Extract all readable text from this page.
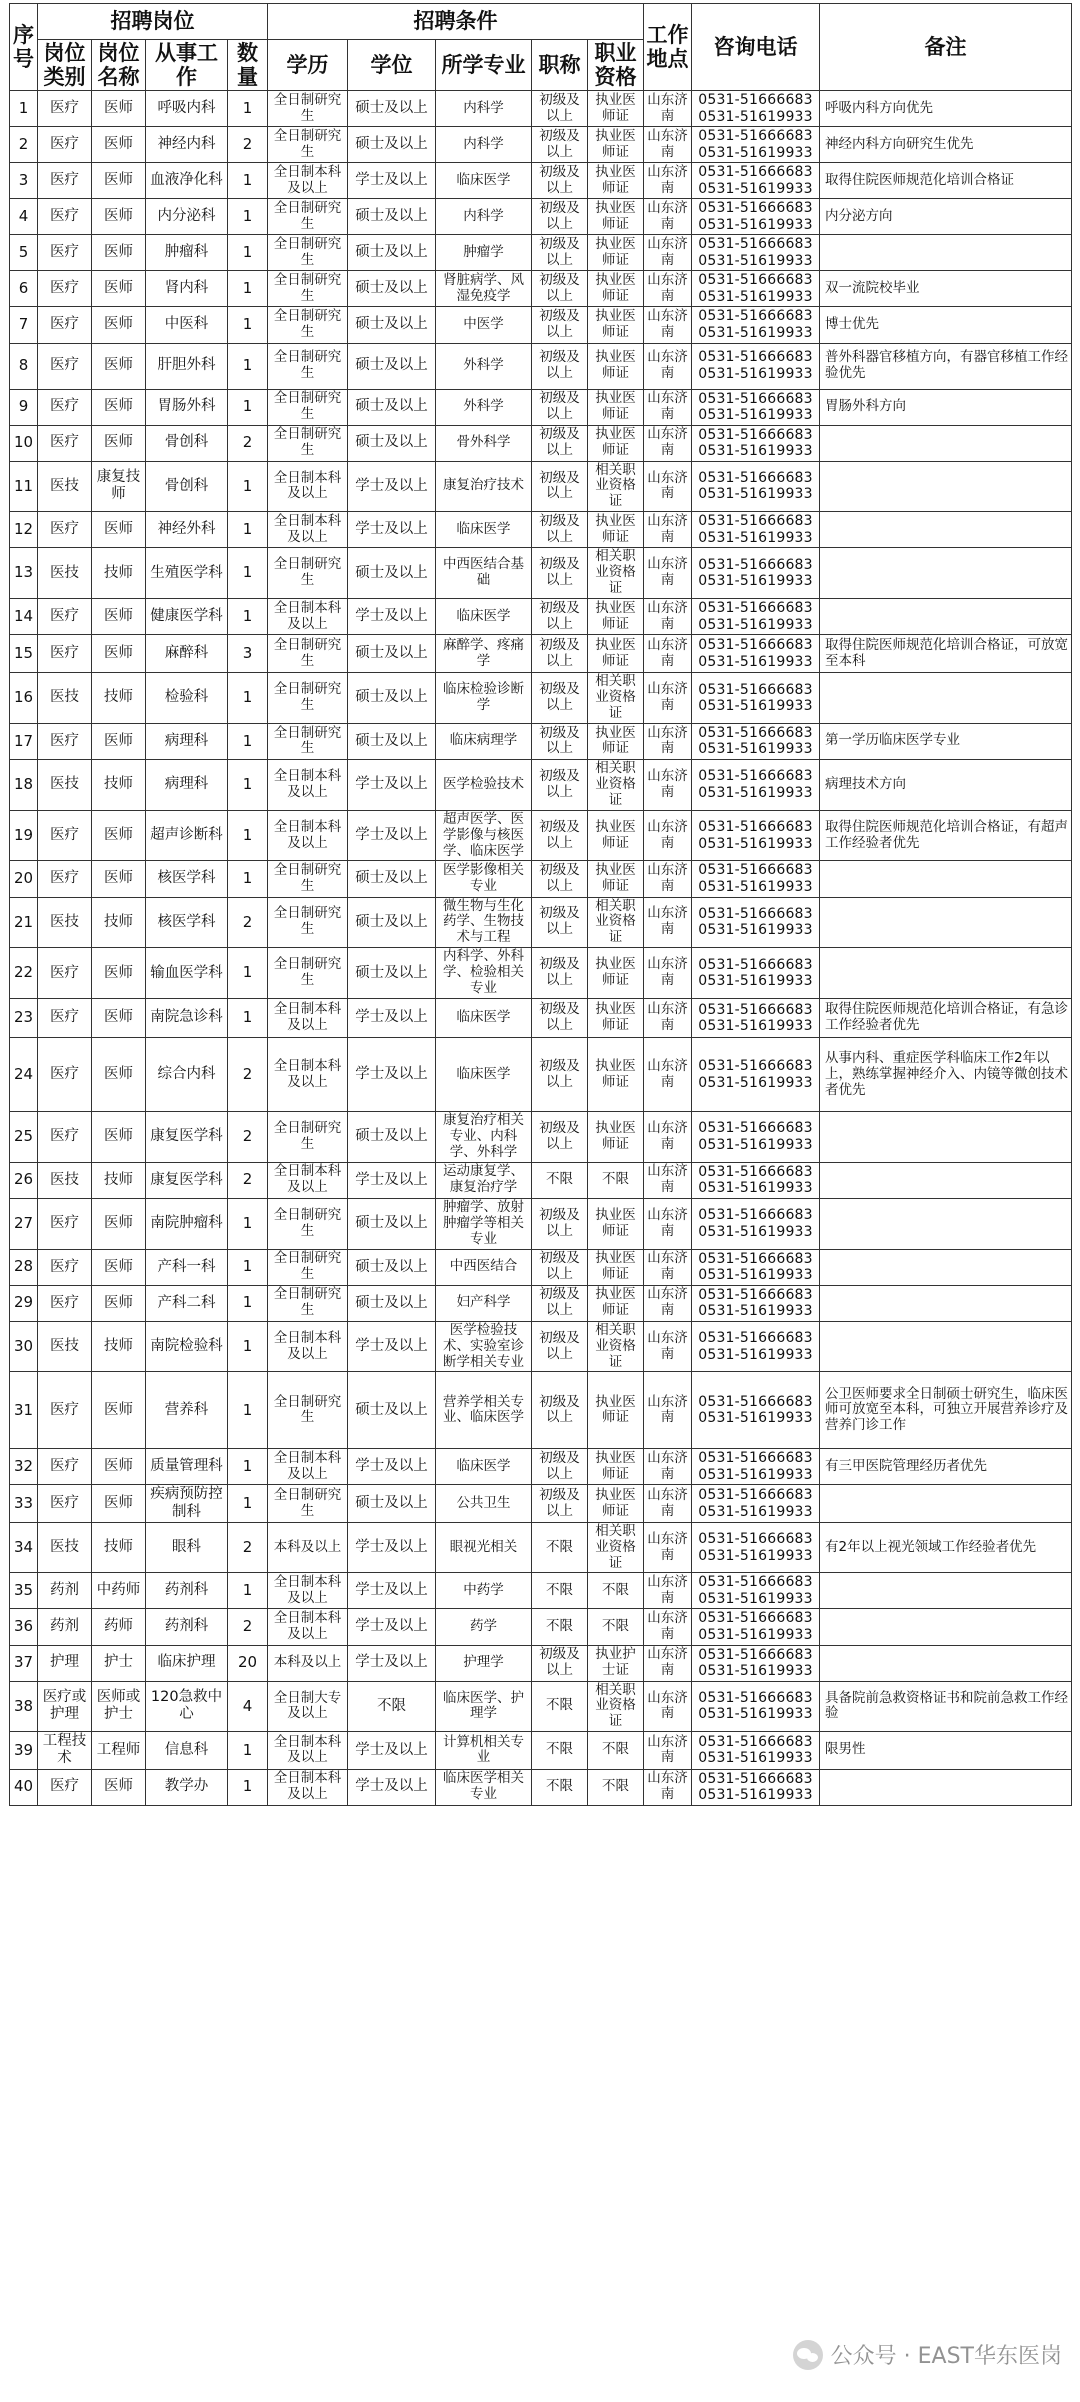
序号	招聘岗位				招聘条件					工作地点	咨询电话	备注
	岗位类别	岗位名称	从事工作	数量	学历	学位	所学专业	职称	职业资格			
1	医疗	医师	呼吸内科	1	全日制研究生	硕士及以上	内科学	初级及以上	执业医师证	山东济南	0531-51666683
0531-51619933	呼吸内科方向优先
2	医疗	医师	神经内科	2	全日制研究生	硕士及以上	内科学	初级及以上	执业医师证	山东济南	0531-51666683
0531-51619933	神经内科方向研究生优先
3	医疗	医师	血液净化科	1	全日制本科及以上	学士及以上	临床医学	初级及以上	执业医师证	山东济南	0531-51666683
0531-51619933	取得住院医师规范化培训合格证
4	医疗	医师	内分泌科	1	全日制研究生	硕士及以上	内科学	初级及以上	执业医师证	山东济南	0531-51666683
0531-51619933	内分泌方向
5	医疗	医师	肿瘤科	1	全日制研究生	硕士及以上	肿瘤学	初级及以上	执业医师证	山东济南	0531-51666683
0531-51619933	

6	医疗	医师	肾内科	1	全日制研究生	硕士及以上	肾脏病学、风湿免疫学	初级及以上	执业医师证	山东济南	0531-51666683
0531-51619933	双一流院校毕业
7	医疗	医师	中医科	1	全日制研究生	硕士及以上	中医学	初级及以上	执业医师证	山东济南	0531-51666683
0531-51619933	博士优先
8	医疗	医师	肝胆外科	1	全日制研究生	硕士及以上	外科学	初级及以上	执业医师证	山东济南	0531-51666683
0531-51619933	普外科器官移植方向，有器官移植工作经验优先
9	医疗	医师	胃肠外科	1	全日制研究生	硕士及以上	外科学	初级及以上	执业医师证	山东济南	0531-51666683
0531-51619933	胃肠外科方向
10	医疗	医师	骨创科	2	全日制研究生	硕士及以上	骨外科学	初级及以上	执业医师证	山东济南	0531-51666683
0531-51619933	

11	医技	康复技师	骨创科	1	全日制本科及以上	学士及以上	康复治疗技术	初级及以上	相关职业资格证	山东济南	0531-51666683
0531-51619933	

12	医疗	医师	神经外科	1	全日制本科及以上	学士及以上	临床医学	初级及以上	执业医师证	山东济南	0531-51666683
0531-51619933	

13	医技	技师	生殖医学科	1	全日制研究生	硕士及以上	中西医结合基础	初级及以上	相关职业资格证	山东济南	0531-51666683
0531-51619933	

14	医疗	医师	健康医学科	1	全日制本科及以上	学士及以上	临床医学	初级及以上	执业医师证	山东济南	0531-51666683
0531-51619933	

15	医疗	医师	麻醉科	3	全日制研究生	硕士及以上	麻醉学、疼痛学	初级及以上	执业医师证	山东济南	0531-51666683
0531-51619933	取得住院医师规范化培训合格证，可放宽至本科
16	医技	技师	检验科	1	全日制研究生	硕士及以上	临床检验诊断学	初级及以上	相关职业资格证	山东济南	0531-51666683
0531-51619933	

17	医疗	医师	病理科	1	全日制研究生	硕士及以上	临床病理学	初级及以上	执业医师证	山东济南	0531-51666683
0531-51619933	第一学历临床医学专业
18	医技	技师	病理科	1	全日制本科及以上	学士及以上	医学检验技术	初级及以上	相关职业资格证	山东济南	0531-51666683
0531-51619933	病理技术方向
19	医疗	医师	超声诊断科	1	全日制本科及以上	学士及以上	超声医学、医学影像与核医学、临床医学	初级及以上	执业医师证	山东济南	0531-51666683
0531-51619933	取得住院医师规范化培训合格证，有超声工作经验者优先
20	医疗	医师	核医学科	1	全日制研究生	硕士及以上	医学影像相关专业	初级及以上	执业医师证	山东济南	0531-51666683
0531-51619933	

21	医技	技师	核医学科	2	全日制研究生	硕士及以上	微生物与生化药学、生物技术与工程	初级及以上	相关职业资格证	山东济南	0531-51666683
0531-51619933	

22	医疗	医师	输血医学科	1	全日制研究生	硕士及以上	内科学、外科学、检验相关专业	初级及以上	执业医师证	山东济南	0531-51666683
0531-51619933	

23	医疗	医师	南院急诊科	1	全日制本科及以上	学士及以上	临床医学	初级及以上	执业医师证	山东济南	0531-51666683
0531-51619933	取得住院医师规范化培训合格证，有急诊工作经验者优先
24	医疗	医师	综合内科	2	全日制本科及以上	学士及以上	临床医学	初级及以上	执业医师证	山东济南	0531-51666683
0531-51619933	从事内科、重症医学科临床工作2年以上，熟练掌握神经介入、内镜等微创技术者优先
25	医疗	医师	康复医学科	2	全日制研究生	硕士及以上	康复治疗相关专业、内科学、外科学	初级及以上	执业医师证	山东济南	0531-51666683
0531-51619933	

26	医技	技师	康复医学科	2	全日制本科及以上	学士及以上	运动康复学、康复治疗学	不限	不限	山东济南	0531-51666683
0531-51619933	

27	医疗	医师	南院肿瘤科	1	全日制研究生	硕士及以上	肿瘤学、放射肿瘤学等相关专业	初级及以上	执业医师证	山东济南	0531-51666683
0531-51619933	

28	医疗	医师	产科一科	1	全日制研究生	硕士及以上	中西医结合	初级及以上	执业医师证	山东济南	0531-51666683
0531-51619933	

29	医疗	医师	产科二科	1	全日制研究生	硕士及以上	妇产科学	初级及以上	执业医师证	山东济南	0531-51666683
0531-51619933	

30	医技	技师	南院检验科	1	全日制本科及以上	学士及以上	医学检验技术、实验室诊断学相关专业	初级及以上	相关职业资格证	山东济南	0531-51666683
0531-51619933	

31	医疗	医师	营养科	1	全日制研究生	硕士及以上	营养学相关专业、临床医学	初级及以上	执业医师证	山东济南	0531-51666683
0531-51619933	公卫医师要求全日制硕士研究生，临床医师可放宽至本科，可独立开展营养诊疗及营养门诊工作
32	医疗	医师	质量管理科	1	全日制本科及以上	学士及以上	临床医学	初级及以上	执业医师证	山东济南	0531-51666683
0531-51619933	有三甲医院管理经历者优先
33	医疗	医师	疾病预防控制科	1	全日制研究生	硕士及以上	公共卫生	初级及以上	执业医师证	山东济南	0531-51666683
0531-51619933	

34	医技	技师	眼科	2	本科及以上	学士及以上	眼视光相关	不限	相关职业资格证	山东济南	0531-51666683
0531-51619933	有2年以上视光领域工作经验者优先
35	药剂	中药师	药剂科	1	全日制本科及以上	学士及以上	中药学	不限	不限	山东济南	0531-51666683
0531-51619933	

36	药剂	药师	药剂科	2	全日制本科及以上	学士及以上	药学	不限	不限	山东济南	0531-51666683
0531-51619933	

37	护理	护士	临床护理	20	本科及以上	学士及以上	护理学	初级及以上	执业护士证	山东济南	0531-51666683
0531-51619933	

38	医疗或护理	医师或护士	120急救中心	4	全日制大专及以上	不限	临床医学、护理学	不限	相关职业资格证	山东济南	0531-51666683
0531-51619933	具备院前急救资格证书和院前急救工作经验
39	工程技术	工程师	信息科	1	全日制本科及以上	学士及以上	计算机相关专业	不限	不限	山东济南	0531-51666683
0531-51619933	限男性
40	医疗	医师	教学办	1	全日制本科及以上	学士及以上	临床医学相关专业	不限	不限	山东济南	0531-51666683
0531-51619933	

公众号 · EAST华东医岗
